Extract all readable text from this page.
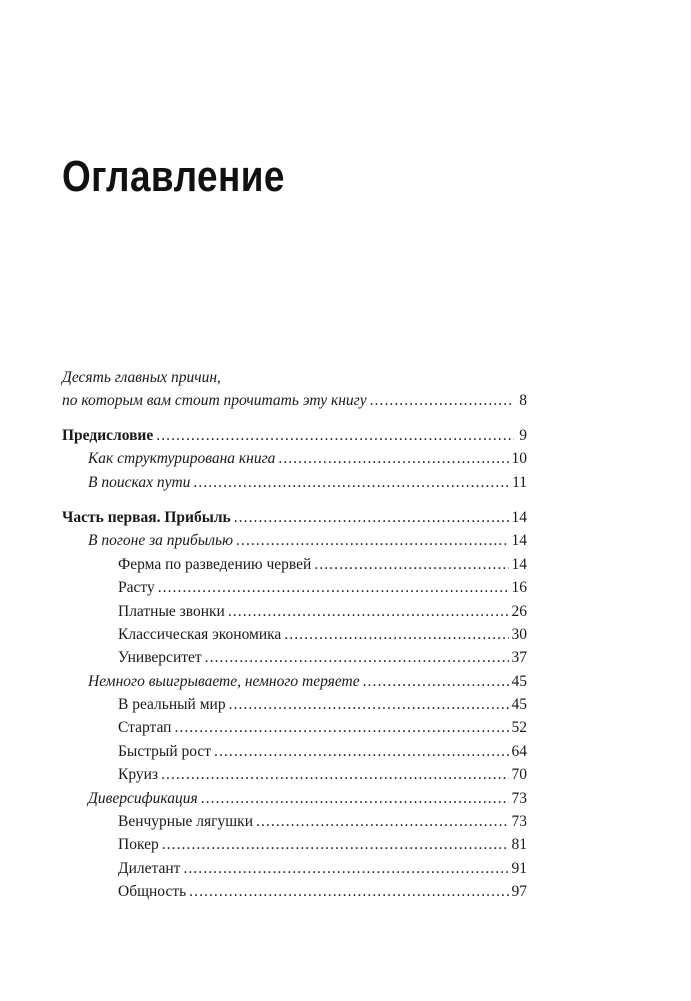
Оглавление
Десять главных причин,
по которым вам стоит прочитать эту книгу . . .	8
Предисловие . . .	9
Как структурирована книга . . .	10
В поисках пути . . .	11
Часть первая. Прибыль . . .	14
В погоне за прибылью . . .	14
Ферма по разведению червей . . .	14
Расту . . .	16
Платные звонки . . .	26
Классическая экономика . . .	30
Университет . . .	37
Немного выигрываете, немного теряете . . .	45
В реальный мир . . .	45
Стартап . . .	52
Быстрый рост . . .	64
Круиз . . .	70
Диверсификация . . .	73
Венчурные лягушки . . .	73
Покер . . .	81
Дилетант . . .	91
Общность . . .	97
